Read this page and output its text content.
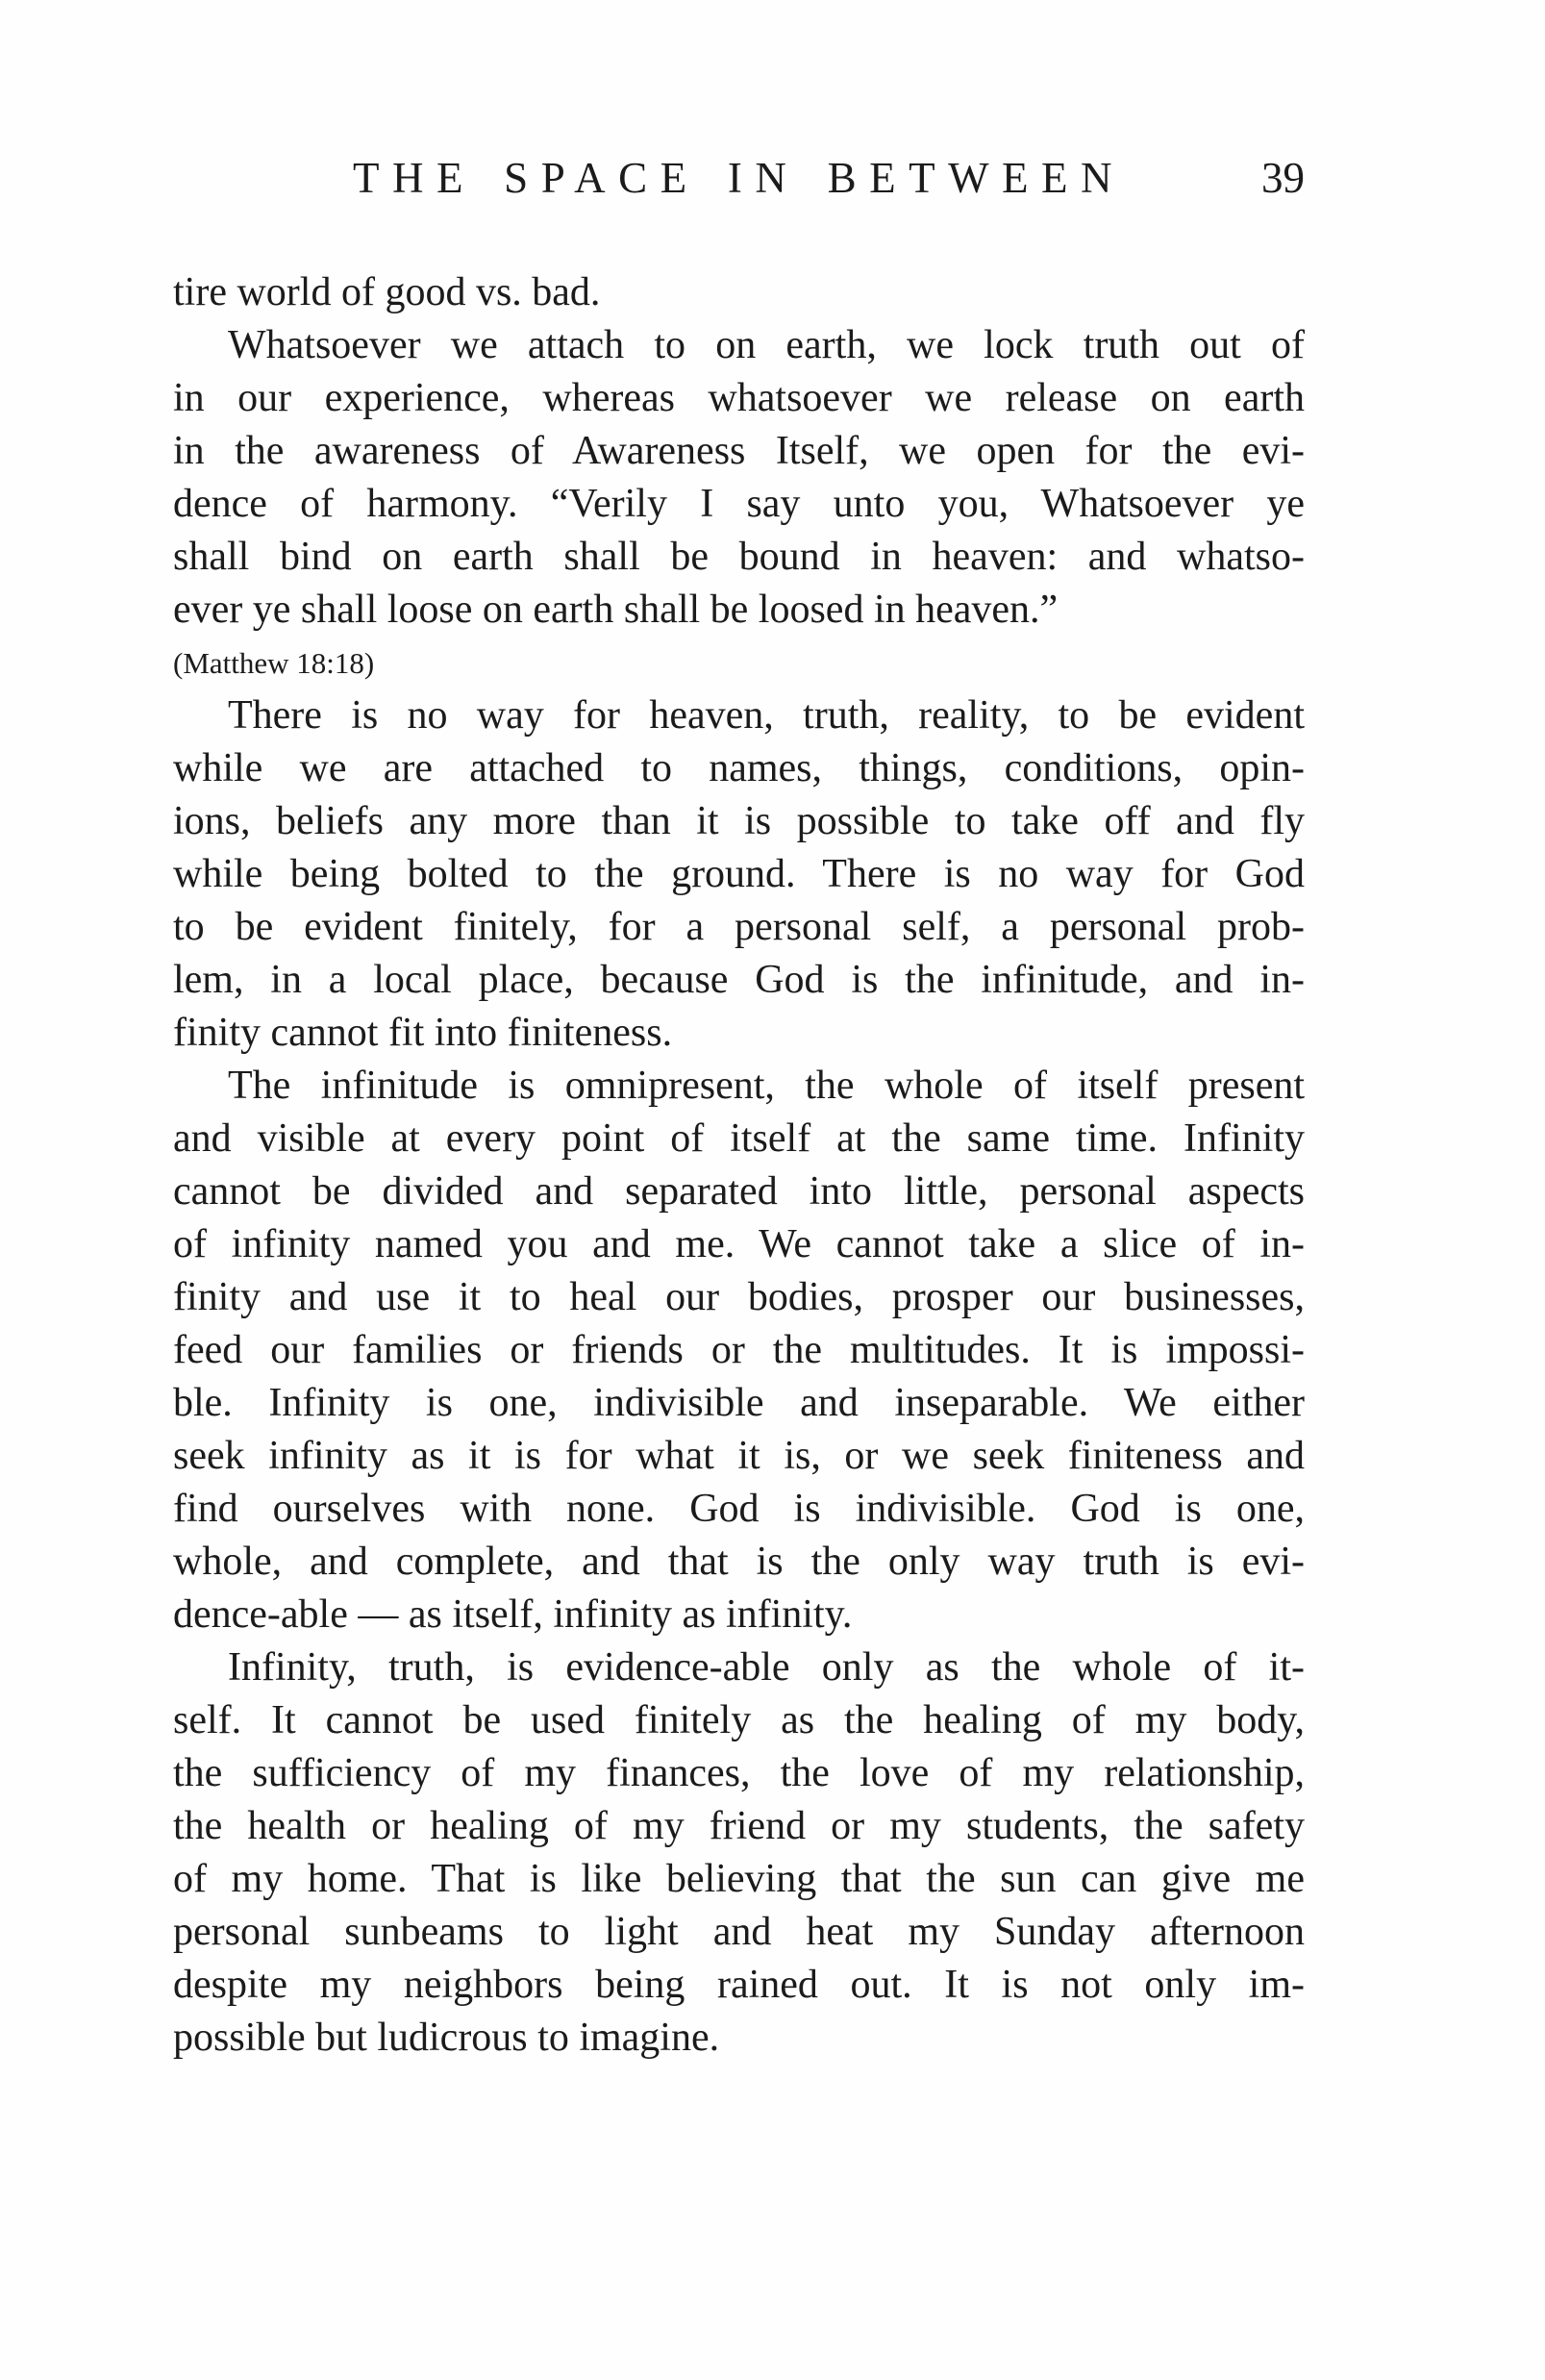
THE SPACE IN BETWEEN	39
tire world of good vs. bad.
Whatsoever we attach to on earth, we lock truth out of
in our experience, whereas whatsoever we release on earth
in the awareness of Awareness Itself, we open for the evi-
dence of harmony. “Verily I say unto you, Whatsoever ye
shall bind on earth shall be bound in heaven: and whatso-
ever ye shall loose on earth shall be loosed in heaven.”
(Matthew 18:18)
There is no way for heaven, truth, reality, to be evident
while we are attached to names, things, conditions, opin-
ions, beliefs any more than it is possible to take off and fly
while being bolted to the ground. There is no way for God
to be evident finitely, for a personal self, a personal prob-
lem, in a local place, because God is the infinitude, and in-
finity cannot fit into finiteness.
The infinitude is omnipresent, the whole of itself present
and visible at every point of itself at the same time. Infinity
cannot be divided and separated into little, personal aspects
of infinity named you and me. We cannot take a slice of in-
finity and use it to heal our bodies, prosper our businesses,
feed our families or friends or the multitudes. It is impossi-
ble. Infinity is one, indivisible and inseparable. We either
seek infinity as it is for what it is, or we seek finiteness and
find ourselves with none. God is indivisible. God is one,
whole, and complete, and that is the only way truth is evi-
dence-able — as itself, infinity as infinity.
Infinity, truth, is evidence-able only as the whole of it-
self. It cannot be used finitely as the healing of my body,
the sufficiency of my finances, the love of my relationship,
the health or healing of my friend or my students, the safety
of my home. That is like believing that the sun can give me
personal sunbeams to light and heat my Sunday afternoon
despite my neighbors being rained out. It is not only im-
possible but ludicrous to imagine.
